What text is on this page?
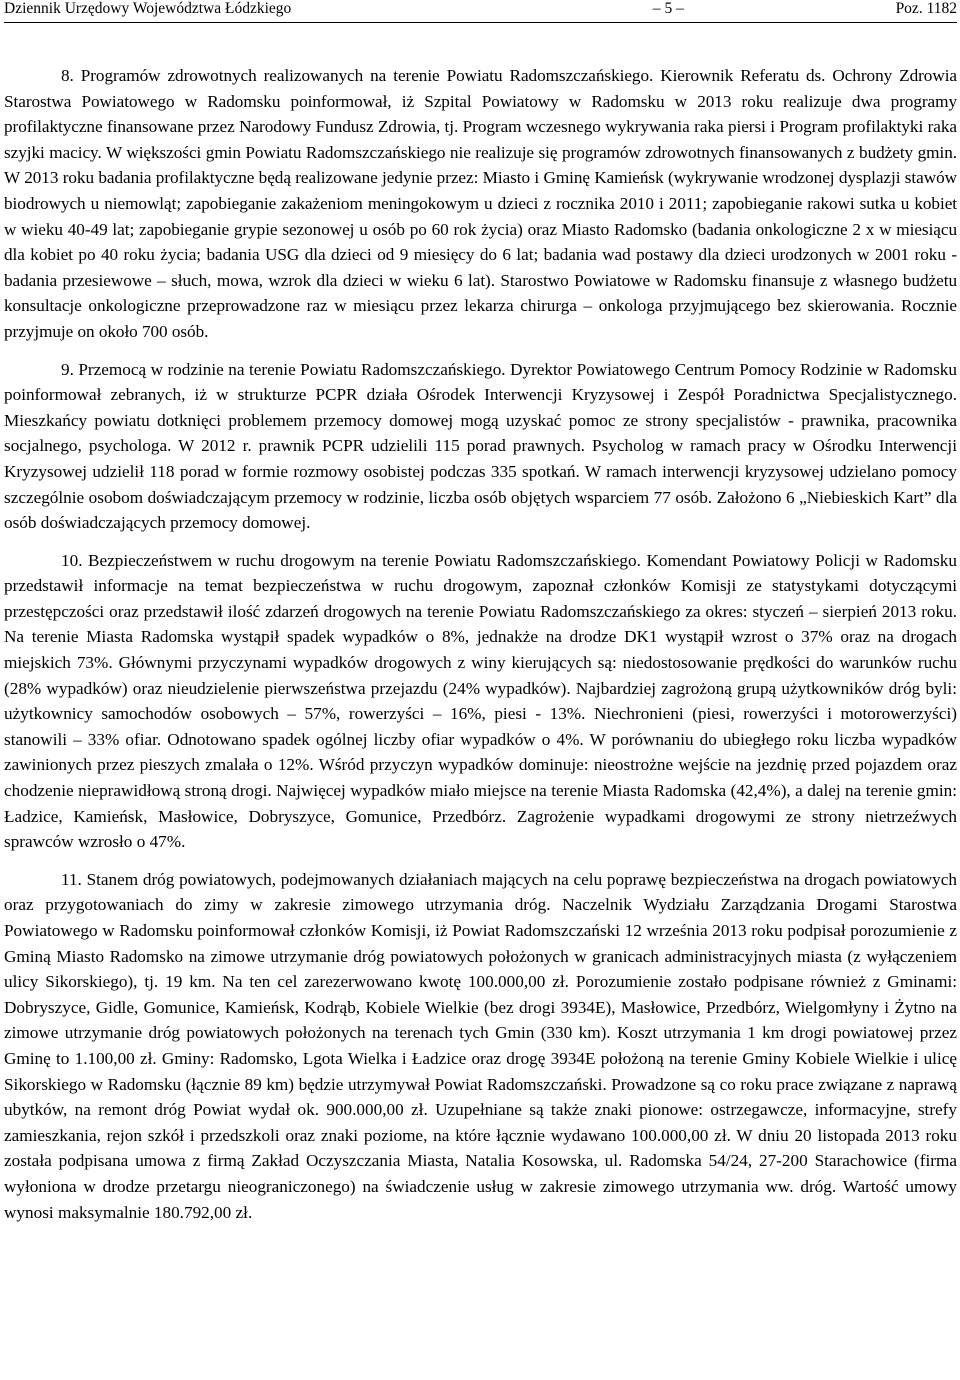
Dziennik Urzędowy Województwa Łódzkiego	– 5 –	Poz. 1182

8. Programów zdrowotnych realizowanych na terenie Powiatu Radomszczańskiego. Kierownik Referatu ds. Ochrony Zdrowia Starostwa Powiatowego w Radomsku poinformował, iż Szpital Powiatowy w Radomsku w 2013 roku realizuje dwa programy profilaktyczne finansowane przez Narodowy Fundusz Zdrowia, tj. Program wczesnego wykrywania raka piersi i Program profilaktyki raka szyjki macicy. W większości gmin Powiatu Radomszczańskiego nie realizuje się programów zdrowotnych finansowanych z budżety gmin. W 2013 roku badania profilaktyczne będą realizowane jedynie przez: Miasto i Gminę Kamieńsk (wykrywanie wrodzonej dysplazji stawów biodrowych u niemowląt; zapobieganie zakażeniom meningokowym u dzieci z rocznika 2010 i 2011; zapobieganie rakowi sutka u kobiet w wieku 40-49 lat; zapobieganie grypie sezonowej u osób po 60 rok życia) oraz Miasto Radomsko (badania onkologiczne 2 x w miesiącu dla kobiet po 40 roku życia; badania USG dla dzieci od 9 miesięcy do 6 lat; badania wad postawy dla dzieci urodzonych w 2001 roku - badania przesiewowe – słuch, mowa, wzrok dla dzieci w wieku 6 lat). Starostwo Powiatowe w Radomsku finansuje z własnego budżetu konsultacje onkologiczne przeprowadzone raz w miesiącu przez lekarza chirurga – onkologa przyjmującego bez skierowania. Rocznie przyjmuje on około 700 osób.

9. Przemocą w rodzinie na terenie Powiatu Radomszczańskiego. Dyrektor Powiatowego Centrum Pomocy Rodzinie w Radomsku poinformował zebranych, iż w strukturze PCPR działa Ośrodek Interwencji Kryzysowej i Zespół Poradnictwa Specjalistycznego. Mieszkańcy powiatu dotknięci problemem przemocy domowej mogą uzyskać pomoc ze strony specjalistów - prawnika, pracownika socjalnego, psychologa. W 2012 r. prawnik PCPR udzielili 115 porad prawnych. Psycholog w ramach pracy w Ośrodku Interwencji Kryzysowej udzielił 118 porad w formie rozmowy osobistej podczas 335 spotkań. W ramach interwencji kryzysowej udzielano pomocy szczególnie osobom doświadczającym przemocy w rodzinie, liczba osób objętych wsparciem 77 osób. Założono 6 „Niebieskich Kart” dla osób doświadczających przemocy domowej.

10. Bezpieczeństwem w ruchu drogowym na terenie Powiatu Radomszczańskiego. Komendant Powiatowy Policji w Radomsku przedstawił informacje na temat bezpieczeństwa w ruchu drogowym, zapoznał członków Komisji ze statystykami dotyczącymi przestępczości oraz przedstawił ilość zdarzeń drogowych na terenie Powiatu Radomszczańskiego za okres: styczeń – sierpień 2013 roku. Na terenie Miasta Radomska wystąpił spadek wypadków o 8%, jednakże na drodze DK1 wystąpił wzrost o 37% oraz na drogach miejskich 73%. Głównymi przyczynami wypadków drogowych z winy kierujących są: niedostosowanie prędkości do warunków ruchu (28% wypadków) oraz nieudzielenie pierwszeństwa przejazdu (24% wypadków). Najbardziej zagrożoną grupą użytkowników dróg byli: użytkownicy samochodów osobowych – 57%, rowerzyści – 16%, piesi - 13%. Niechronieni (piesi, rowerzyści i motorowerzyści) stanowili – 33% ofiar. Odnotowano spadek ogólnej liczby ofiar wypadków o 4%. W porównaniu do ubiegłego roku liczba wypadków zawinionych przez pieszych zmalała o 12%. Wśród przyczyn wypadków dominuje: nieostrożne wejście na jezdnię przed pojazdem oraz chodzenie nieprawidłową stroną drogi. Najwięcej wypadków miało miejsce na terenie Miasta Radomska (42,4%), a dalej na terenie gmin: Ładzice, Kamieńsk, Masłowice, Dobryszyce, Gomunice, Przedbórz. Zagrożenie wypadkami drogowymi ze strony nietrzeźwych sprawców wzrosło o 47%.

11. Stanem dróg powiatowych, podejmowanych działaniach mających na celu poprawę bezpieczeństwa na drogach powiatowych oraz przygotowaniach do zimy w zakresie zimowego utrzymania dróg. Naczelnik Wydziału Zarządzania Drogami Starostwa Powiatowego w Radomsku poinformował członków Komisji, iż Powiat Radomszczański 12 września 2013 roku podpisał porozumienie z Gminą Miasto Radomsko na zimowe utrzymanie dróg powiatowych położonych w granicach administracyjnych miasta (z wyłączeniem ulicy Sikorskiego), tj. 19 km. Na ten cel zarezerwowano kwotę 100.000,00 zł. Porozumienie zostało podpisane również z Gminami: Dobryszyce, Gidle, Gomunice, Kamieńsk, Kodrąb, Kobiele Wielkie (bez drogi 3934E), Masłowice, Przedbórz, Wielgomłyny i Żytno na zimowe utrzymanie dróg powiatowych położonych na terenach tych Gmin (330 km). Koszt utrzymania 1 km drogi powiatowej przez Gminę to 1.100,00 zł. Gminy: Radomsko, Lgota Wielka i Ładzice oraz drogę 3934E położoną na terenie Gminy Kobiele Wielkie i ulicę Sikorskiego w Radomsku (łącznie 89 km) będzie utrzymywał Powiat Radomszczański. Prowadzone są co roku prace związane z naprawą ubytków, na remont dróg Powiat wydał ok. 900.000,00 zł. Uzupełniane są także znaki pionowe: ostrzegawcze, informacyjne, strefy zamieszkania, rejon szkół i przedszkoli oraz znaki poziome, na które łącznie wydawano 100.000,00 zł. W dniu 20 listopada 2013 roku została podpisana umowa z firmą Zakład Oczyszczania Miasta, Natalia Kosowska, ul. Radomska 54/24, 27-200 Starachowice (firma wyłoniona w drodze przetargu nieograniczonego) na świadczenie usług w zakresie zimowego utrzymania ww. dróg. Wartość umowy wynosi maksymalnie 180.792,00 zł.
